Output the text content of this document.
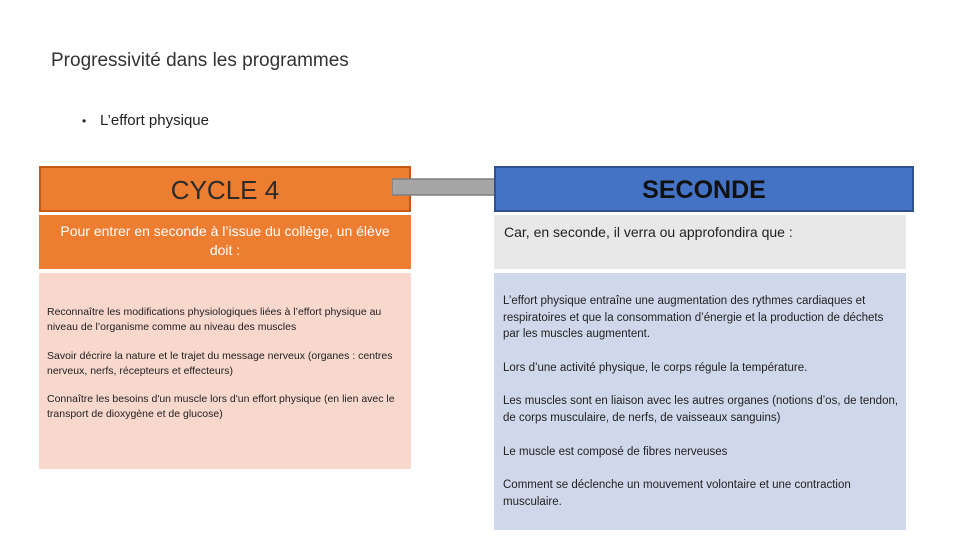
Progressivité dans les programmes
• L’effort physique
CYCLE 4	SECONDE
Pour entrer en seconde à l’issue du collège, un élève doit :
Car, en seconde, il verra ou approfondira que :

Reconnaître les modifications physiologiques liées à l’effort physique au niveau de l’organisme comme au niveau des muscles

Savoir décrire la nature et le trajet du message nerveux (organes : centres nerveux, nerfs, récepteurs et effecteurs)

Connaître les besoins d'un muscle lors d'un effort physique (en lien avec le transport de dioxygène et de glucose)

L’effort physique entraîne une augmentation des rythmes cardiaques et respiratoires et que la consommation d’énergie et la production de déchets par les muscles augmentent.

Lors d’une activité physique, le corps régule la température.

Les muscles sont en liaison avec les autres organes (notions d’os, de tendon, de corps musculaire, de nerfs, de vaisseaux sanguins)

Le muscle est composé de fibres nerveuses

Comment se déclenche un mouvement volontaire et une contraction musculaire.
